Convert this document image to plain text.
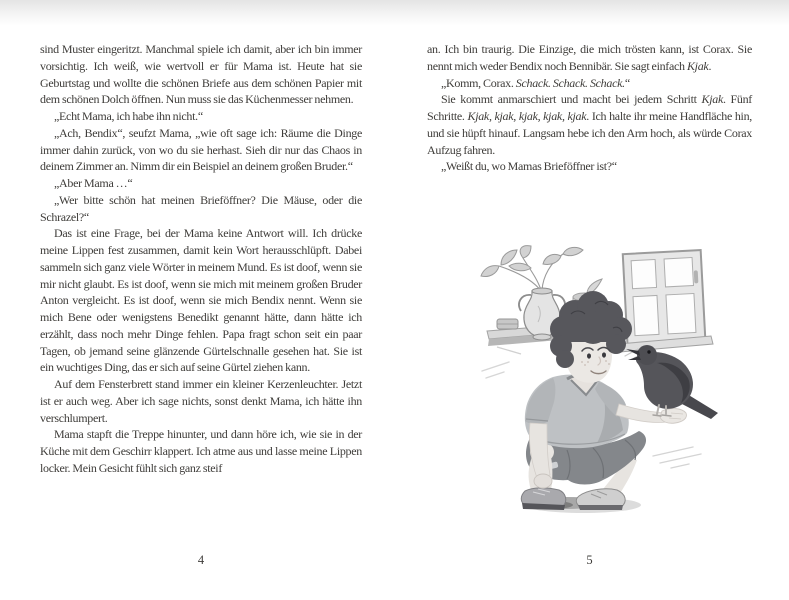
sind Muster eingeritzt. Manchmal spiele ich damit, aber ich bin immer vorsichtig. Ich weiß, wie wertvoll er für Mama ist. Heute hat sie Geburtstag und wollte die schönen Briefe aus dem schönen Papier mit dem schönen Dolch öffnen. Nun muss sie das Küchenmesser nehmen.

„Echt Mama, ich habe ihn nicht.“

„Ach, Bendix“, seufzt Mama, „wie oft sage ich: Räume die Dinge immer dahin zurück, von wo du sie herhast. Sieh dir nur das Chaos in deinem Zimmer an. Nimm dir ein Beispiel an deinem großen Bruder.“

„Aber Mama …“

„Wer bitte schön hat meinen Brieföffner? Die Mäuse, oder die Schrazel?“

Das ist eine Frage, bei der Mama keine Antwort will. Ich drücke meine Lippen fest zusammen, damit kein Wort herausschlüpft. Dabei sammeln sich ganz viele Wörter in meinem Mund. Es ist doof, wenn sie mir nicht glaubt. Es ist doof, wenn sie mich mit meinem großen Bruder Anton vergleicht. Es ist doof, wenn sie mich Bendix nennt. Wenn sie mich Bene oder wenigstens Benedikt genannt hätte, dann hätte ich erzählt, dass noch mehr Dinge fehlen. Papa fragt schon seit ein paar Tagen, ob jemand seine glänzende Gürtelschnalle gesehen hat. Sie ist ein wuchtiges Ding, das er sich auf seine Gürtel ziehen kann.

Auf dem Fensterbrett stand immer ein kleiner Kerzenleuchter. Jetzt ist er auch weg. Aber ich sage nichts, sonst denkt Mama, ich hätte ihn verschlumpert.

Mama stapft die Treppe hinunter, und dann höre ich, wie sie in der Küche mit dem Geschirr klappert. Ich atme aus und lasse meine Lippen locker. Mein Gesicht fühlt sich ganz steif

4

an. Ich bin traurig. Die Einzige, die mich trösten kann, ist Corax. Sie nennt mich weder Bendix noch Bennibär. Sie sagt einfach Kjak.

„Komm, Corax. Schack. Schack. Schack.“

Sie kommt anmarschiert und macht bei jedem Schritt Kjak. Fünf Schritte. Kjak, kjak, kjak, kjak, kjak. Ich halte ihr meine Handfläche hin, und sie hüpft hinauf. Langsam hebe ich den Arm hoch, als würde Corax Aufzug fahren.

„Weißt du, wo Mamas Brieföffner ist?“

5
